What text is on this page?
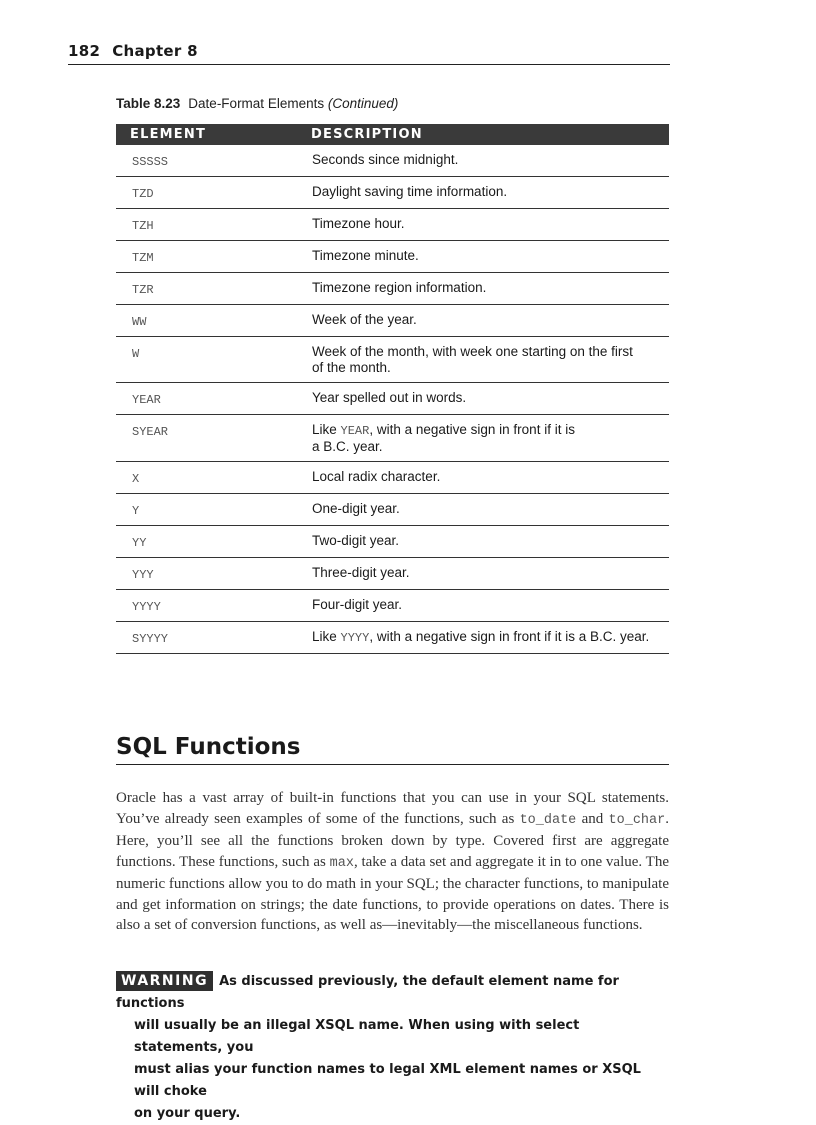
182 Chapter 8
Table 8.23 Date-Format Elements (Continued)
ELEMENT	DESCRIPTION
SSSSS	Seconds since midnight.
TZD	Daylight saving time information.
TZH	Timezone hour.
TZM	Timezone minute.
TZR	Timezone region information.
WW	Week of the year.
W	Week of the month, with week one starting on the first
of the month.
YEAR	Year spelled out in words.
SYEAR	Like YEAR, with a negative sign in front if it is
a B.C. year.
X	Local radix character.
Y	One-digit year.
YY	Two-digit year.
YYY	Three-digit year.
YYYY	Four-digit year.
SYYYY	Like YYYY, with a negative sign in front if it is a B.C. year.
SQL Functions

Oracle has a vast array of built-in functions that you can use in your SQL statements. You’ve already seen examples of some of the functions, such as to_date and to_char. Here, you’ll see all the functions broken down by type. Covered first are aggregate functions. These functions, such as max, take a data set and aggregate it in to one value. The numeric functions allow you to do math in your SQL; the character functions, to manipulate and get information on strings; the date functions, to provide operations on dates. There is also a set of conversion functions, as well as—inevitably—the miscellaneous functions.

WARNING As discussed previously, the default element name for functions
will usually be an illegal XSQL name. When using with select statements, you
must alias your function names to legal XML element names or XSQL will choke
on your query.
